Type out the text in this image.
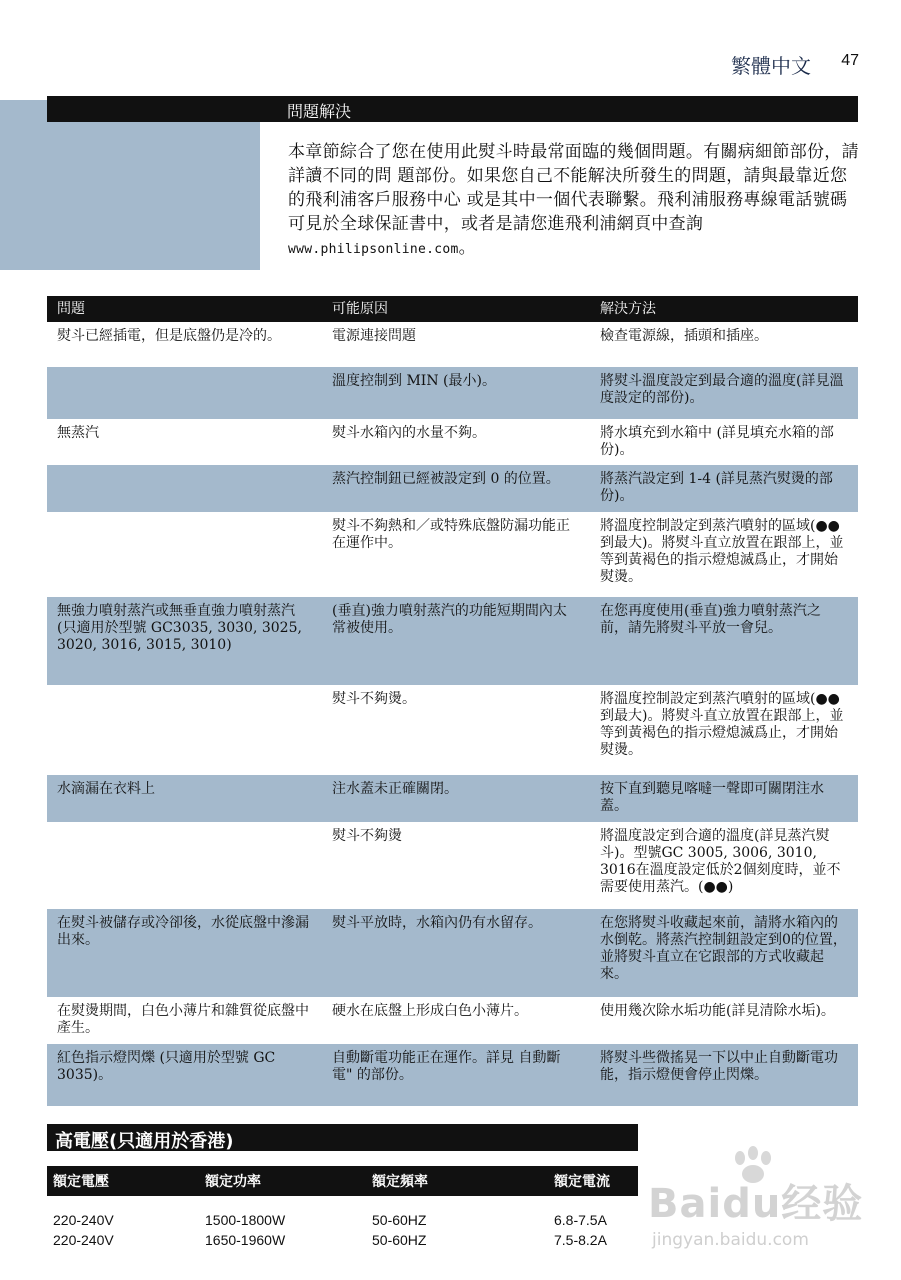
繁體中文 47
問題解決
本章節綜合了您在使用此熨斗時最常面臨的幾個問題。有關病細節部份，請詳讀不同的問 題部份。如果您自己不能解決所發生的問題，請與最靠近您的飛利浦客戶服務中心 或是其中一個代表聯繫。飛利浦服務專線電話號碼可見於全球保証書中，或者是請您進飛利浦網頁中查詢 www.philipsonline.com。
問題	可能原因	解決方法
熨斗已經插電，但是底盤仍是冷的。	電源連接問題	檢查電源線，插頭和插座。
	溫度控制到 MIN (最小)。	將熨斗溫度設定到最合適的溫度(詳見溫度設定的部份)。
無蒸汽	熨斗水箱內的水量不夠。	將水填充到水箱中 (詳見填充水箱的部份)。
	蒸汽控制鈕已經被設定到 0 的位置。	將蒸汽設定到 1-4 (詳見蒸汽熨燙的部份)。
	熨斗不夠熱和／或特殊底盤防漏功能正在運作中。	將溫度控制設定到蒸汽噴射的區域(●●到最大)。將熨斗直立放置在跟部上，並等到黃褐色的指示燈熄滅爲止，才開始熨燙。
無強力噴射蒸汽或無垂直強力噴射蒸汽 (只適用於型號 GC3035, 3030, 3025, 3020, 3016, 3015, 3010)	(垂直)強力噴射蒸汽的功能短期間內太常被使用。	在您再度使用(垂直)強力噴射蒸汽之前，請先將熨斗平放一會兒。
	熨斗不夠燙。	將溫度控制設定到蒸汽噴射的區域(●● 到最大)。將熨斗直立放置在跟部上，並等到黃褐色的指示燈熄滅爲止，才開始熨燙。
水滴漏在衣料上	注水蓋未正確關閉。	按下直到聽見喀噠一聲即可關閉注水蓋。
	熨斗不夠燙	將溫度設定到合適的溫度(詳見蒸汽熨斗)。型號GC 3005, 3006, 3010, 3016在溫度設定低於2個刻度時，並不需要使用蒸汽。(●●)
在熨斗被儲存或冷卻後，水從底盤中滲漏出來。	熨斗平放時，水箱內仍有水留存。	在您將熨斗收藏起來前，請將水箱內的水倒乾。將蒸汽控制鈕設定到0的位置，並將熨斗直立在它跟部的方式收藏起來。
在熨燙期間，白色小薄片和雜質從底盤中產生。	硬水在底盤上形成白色小薄片。	使用幾次除水垢功能(詳見清除水垢)。
紅色指示燈閃爍 (只適用於型號 GC 3035)。	自動斷電功能正在運作。詳見 自動斷電" 的部份。	將熨斗些微搖晃一下以中止自動斷電功能，指示燈便會停止閃爍。
高電壓(只適用於香港)
額定電壓	額定功率	額定頻率	額定電流
220-240V	1500-1800W	50-60HZ	6.8-7.5A
220-240V	1650-1960W	50-60HZ	7.5-8.2A
Baidu经验
jingyan.baidu.com
